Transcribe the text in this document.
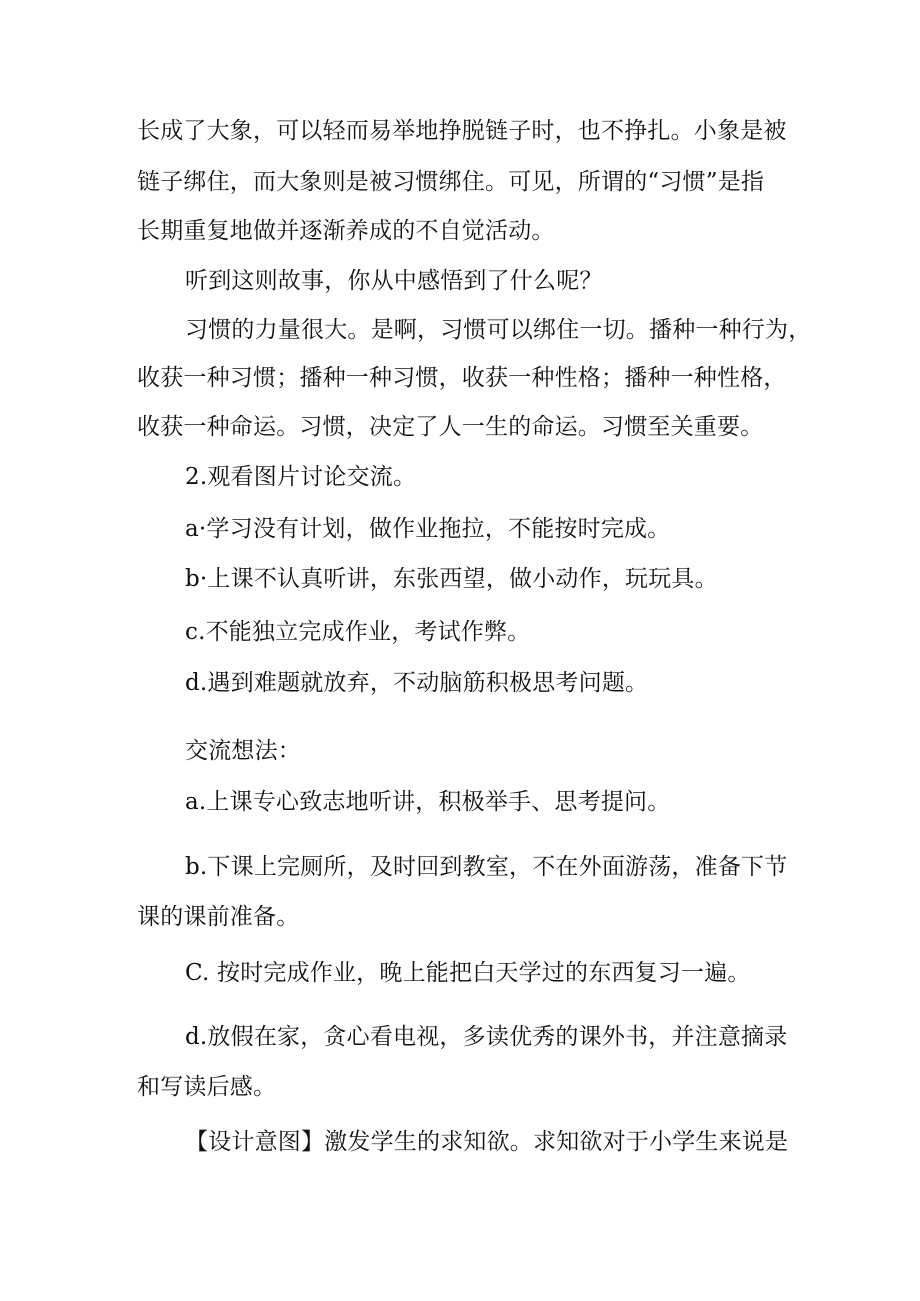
长成了大象，可以轻而易举地挣脱链子时，也不挣扎。小象是被
链子绑住，而大象则是被习惯绑住。可见，所谓的“习惯”是指
长期重复地做并逐渐养成的不自觉活动。
听到这则故事，你从中感悟到了什么呢？
习惯的力量很大。是啊，习惯可以绑住一切。播种一种行为，
收获一种习惯；播种一种习惯，收获一种性格；播种一种性格，
收获一种命运。习惯，决定了人一生的命运。习惯至关重要。
2.观看图片讨论交流。
a·学习没有计划，做作业拖拉，不能按时完成。
b·上课不认真听讲，东张西望，做小动作，玩玩具。
c.不能独立完成作业，考试作弊。
d.遇到难题就放弃，不动脑筋积极思考问题。
交流想法：
a.上课专心致志地听讲，积极举手、思考提问。
b.下课上完厕所，及时回到教室，不在外面游荡，准备下节
课的课前准备。
C. 按时完成作业，晚上能把白天学过的东西复习一遍。
d.放假在家，贪心看电视，多读优秀的课外书，并注意摘录
和写读后感。
【设计意图】激发学生的求知欲。求知欲对于小学生来说是
